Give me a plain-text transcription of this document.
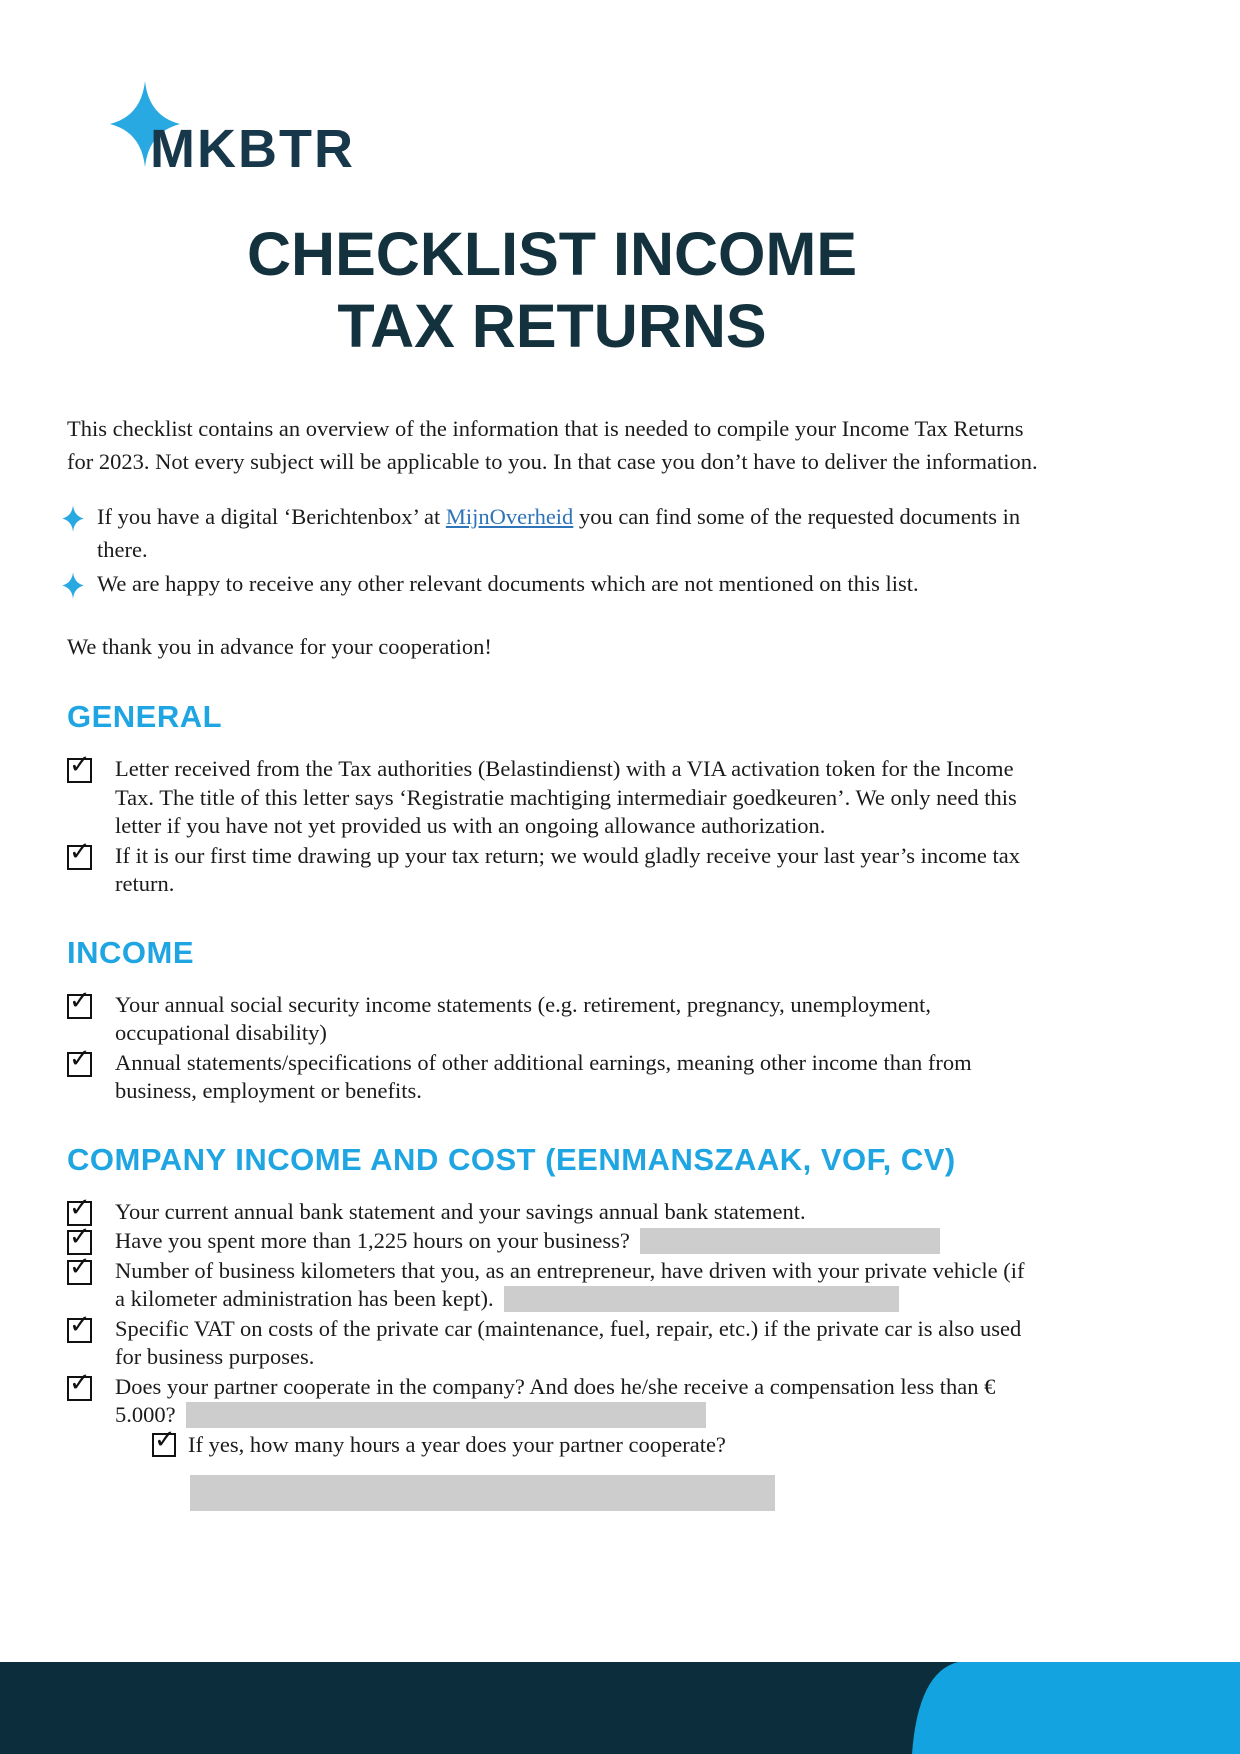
MKBTR
CHECKLIST INCOME
TAX RETURNS

This checklist contains an overview of the information that is needed to compile your Income Tax Returns for 2023. Not every subject will be applicable to you. In that case you don’t have to deliver the information.

If you have a digital ‘Berichtenbox’ at MijnOverheid you can find some of the requested documents in there.

We are happy to receive any other relevant documents which are not mentioned on this list.

We thank you in advance for your cooperation!

GENERAL
✓ Letter received from the Tax authorities (Belastindienst) with a VIA activation token for the Income Tax. The title of this letter says ‘Registratie machtiging intermediair goedkeuren’. We only need this letter if you have not yet provided us with an ongoing allowance authorization.
✓ If it is our first time drawing up your tax return; we would gladly receive your last year’s income tax return.
INCOME
✓ Your annual social security income statements (e.g. retirement, pregnancy, unemployment, occupational disability)
✓ Annual statements/specifications of other additional earnings, meaning other income than from business, employment or benefits.
COMPANY INCOME AND COST (EENMANSZAAK, VOF, CV)
✓ Your current annual bank statement and your savings annual bank statement.
✓ Have you spent more than 1,225 hours on your business?
✓ Number of business kilometers that you, as an entrepreneur, have driven with your private vehicle (if a kilometer administration has been kept).
✓ Specific VAT on costs of the private car (maintenance, fuel, repair, etc.) if the private car is also used for business purposes.
✓ Does your partner cooperate in the company? And does he/she receive a compensation less than € 5.000?
✓ If yes, how many hours a year does your partner cooperate?
